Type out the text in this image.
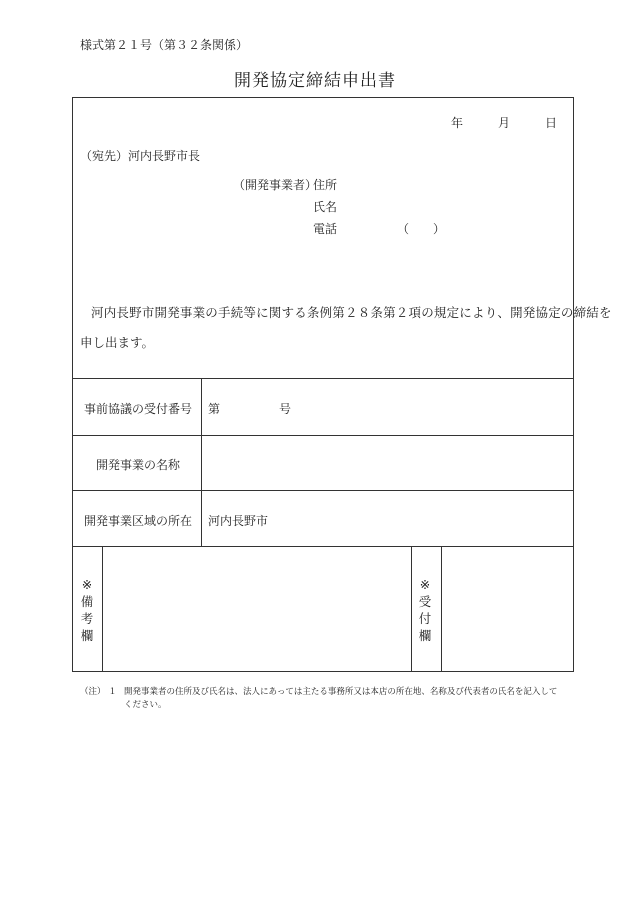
様式第２１号（第３２条関係）
開発協定締結申出書
年	月	日
（宛先）河内長野市長
（開発事業者）
住所
氏名
電話	（ ）
河内長野市開発事業の手続等に関する条例第２８条第２項の規定により、開発協定の締結を
申し出ます。
事前協議の受付番号 第	号
開発事業の名称
開発事業区域の所在 河内長野市
※
備
考
欄
※
受
付
欄
（注） １ 開発事業者の住所及び氏名は、法人にあっては主たる事務所又は本店の所在地、名称及び代表者の氏名を記入してください。
